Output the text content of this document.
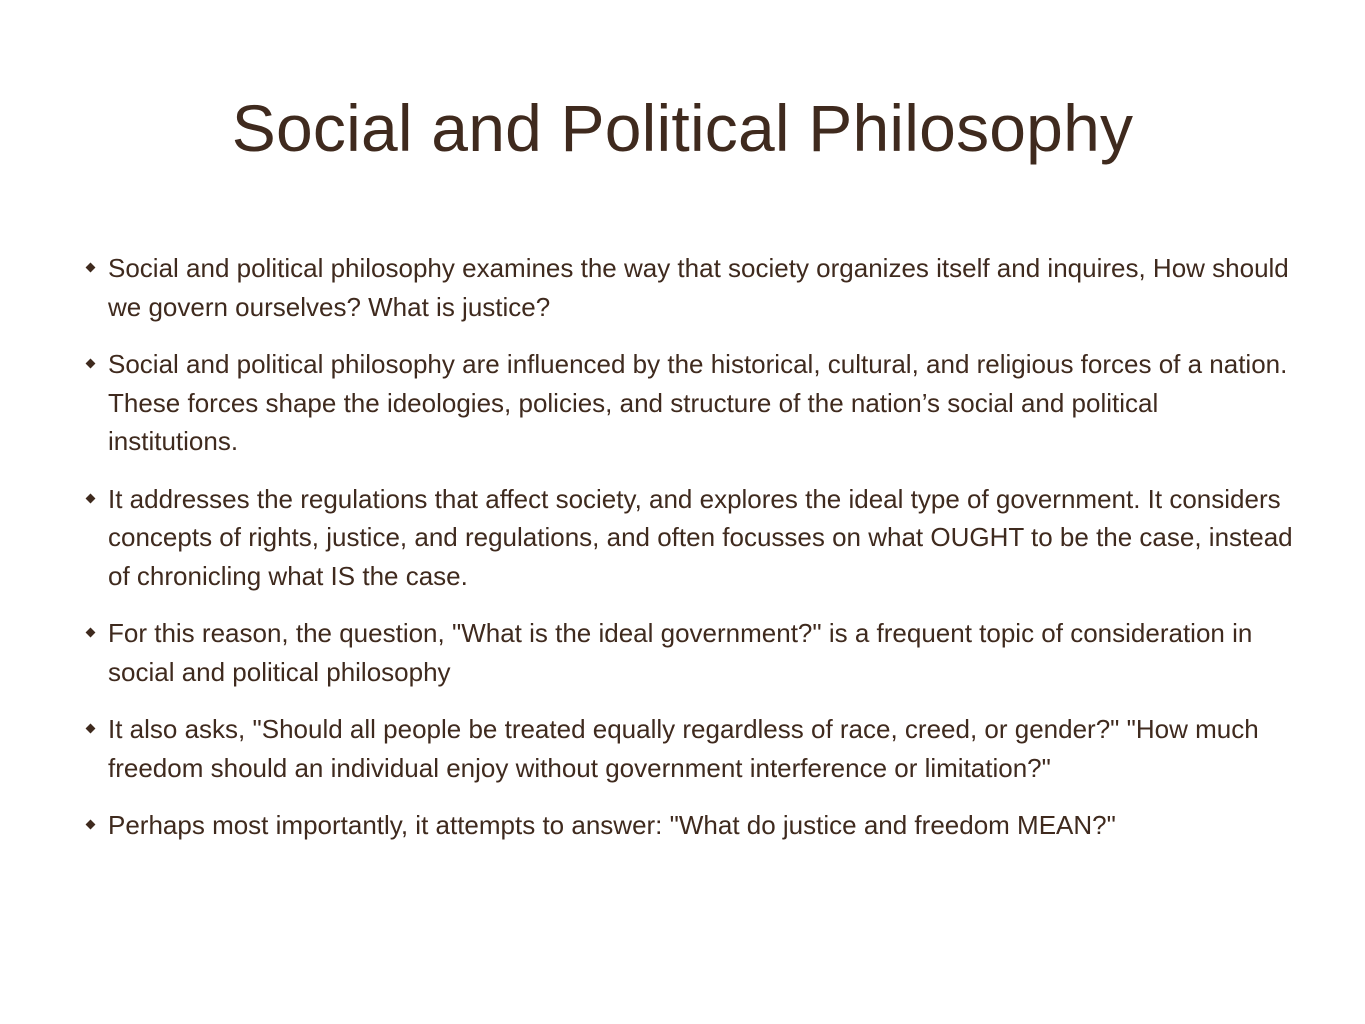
Social and Political Philosophy
Social and political philosophy examines the way that society organizes itself and inquires, How should we govern ourselves? What is justice?
Social and political philosophy are influenced by the historical, cultural, and religious forces of a nation. These forces shape the ideologies, policies, and structure of the nation’s social and political institutions.
It addresses the regulations that affect society, and explores the ideal type of government. It considers concepts of rights, justice, and regulations, and often focusses on what OUGHT to be the case, instead of chronicling what IS the case.
For this reason, the question, "What is the ideal government?" is a frequent topic of consideration in social and political philosophy
It also asks, "Should all people be treated equally regardless of race, creed, or gender?" "How much freedom should an individual enjoy without government interference or limitation?"
Perhaps most importantly, it attempts to answer: "What do justice and freedom MEAN?"
